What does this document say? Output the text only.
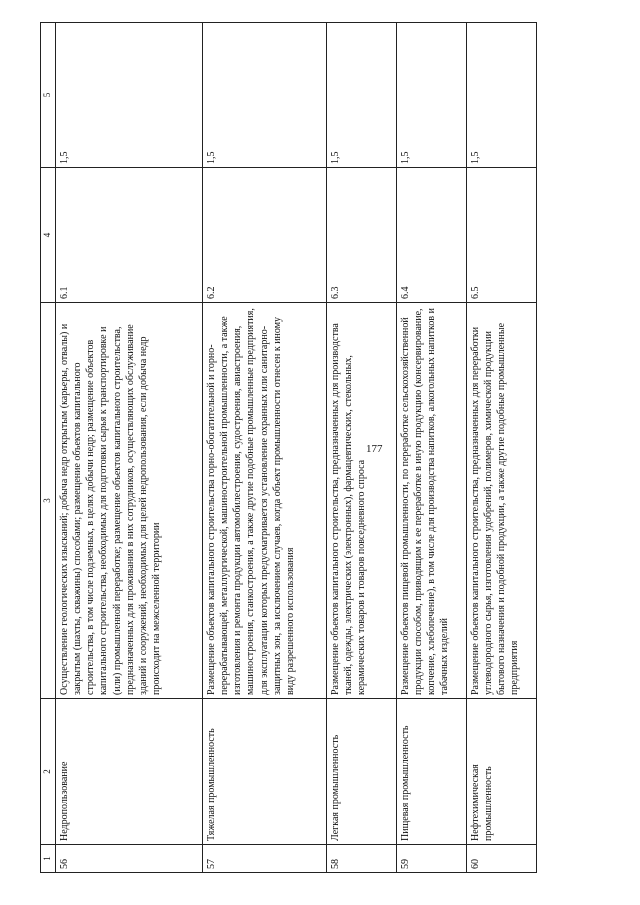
177
1	2	3	4	5
56	Недропользование	Осуществление геологических изысканий; добыча недр открытым (карьеры, отвалы) и закрытым (шахты, скважины) способами; размещение объектов капитального строительства, в том числе подземных, в целях добычи недр; размещение объектов капитального строительства, необходимых для подготовки сырья к транспортировке и (или) промышленной переработке; размещение объектов капитального строительства, предназначенных для проживания в них сотрудников, осуществляющих обслуживание зданий и сооружений, необходимых для целей недропользования, если добыча недр происходит на межселенной территории	6.1	1,5
57	Тяжелая промышленность	Размещение объектов капитального строительства горно-обогатительной и горно-перерабатывающей, металлургической, машиностроительной промышленности, а также изготовления и ремонта продукции автомобилестроения, судостроения, авиастроения, машиностроения, станкостроения, а также другие подобные промышленные предприятия, для эксплуатации которых предусматривается установление охранных или санитарно-защитных зон, за исключением случаев, когда объект промышленности отнесен к иному виду разрешенного использования	6.2	1,5
58	Легкая промышленность	Размещение объектов капитального строительства, предназначенных для производства тканей, одежды, электрических (электронных), фармацевтических, стекольных, керамических товаров и товаров повседневного спроса	6.3	1,5
59	Пищевая промышленность	Размещение объектов пищевой промышленности, по переработке сельскохозяйственной продукции способом, приводящим к ее переработке в иную продукцию (консервирование, копчение, хлебопечение), в том числе для производства напитков, алкогольных напитков и табачных изделий	6.4	1,5
60	Нефтехимическая промышленность	Размещение объектов капитального строительства, предназначенных для переработки углеводородного сырья, изготовления удобрений, полимеров, химической продукции бытового назначения и подобной продукции, а также другие подобные промышленные предприятия	6.5	1,5
